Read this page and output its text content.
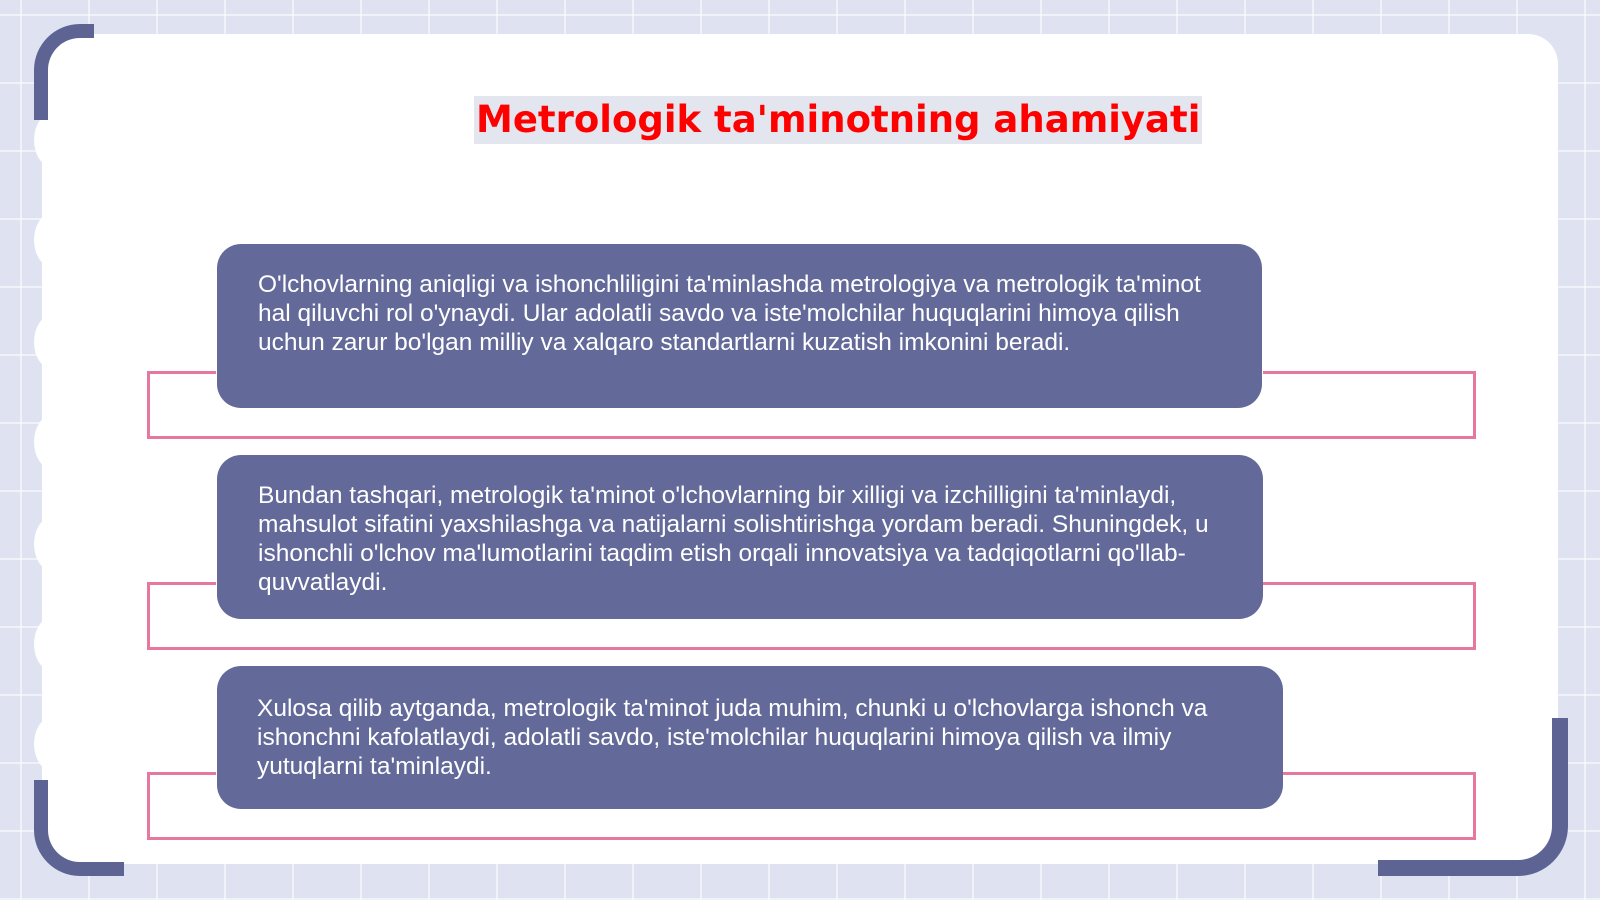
Metrologik ta'minotning ahamiyati

O'lchovlarning aniqligi va ishonchliligini ta'minlashda metrologiya va metrologik ta'minot hal qiluvchi rol o'ynaydi. Ular adolatli savdo va iste'molchilar huquqlarini himoya qilish uchun zarur bo'lgan milliy va xalqaro standartlarni kuzatish imkonini beradi.

Bundan tashqari, metrologik ta'minot o'lchovlarning bir xilligi va izchilligini ta'minlaydi, mahsulot sifatini yaxshilashga va natijalarni solishtirishga yordam beradi. Shuningdek, u ishonchli o'lchov ma'lumotlarini taqdim etish orqali innovatsiya va tadqiqotlarni qo'llab-quvvatlaydi.

Xulosa qilib aytganda, metrologik ta'minot juda muhim, chunki u o'lchovlarga ishonch va ishonchni kafolatlaydi, adolatli savdo, iste'molchilar huquqlarini himoya qilish va ilmiy yutuqlarni ta'minlaydi.
